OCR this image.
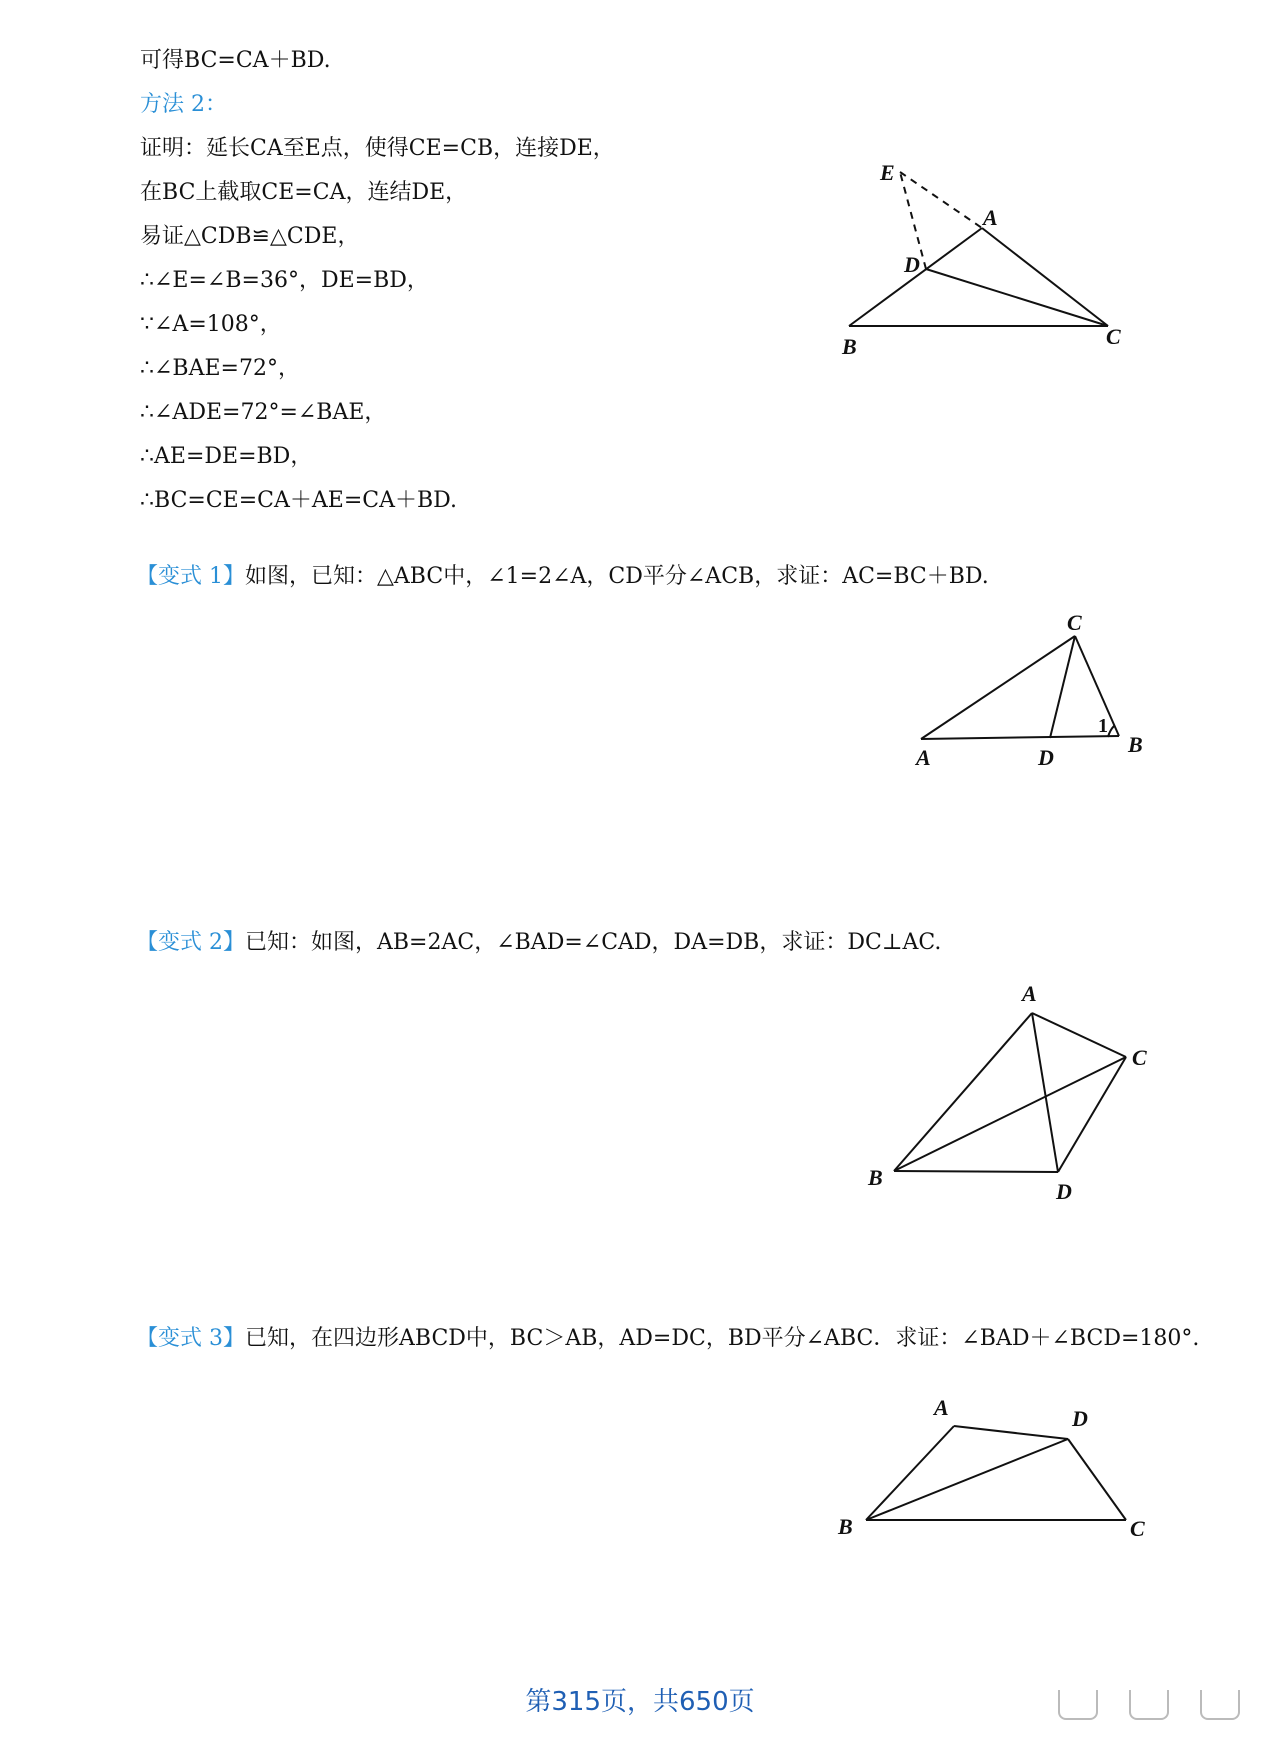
可得BC=CA＋BD.
方法 2：
证明：延长CA至E点，使得CE=CB，连接DE，
在BC上截取CE=CA，连结DE，
易证△CDB≌△CDE，
∴∠E=∠B=36°，DE=BD，
∵∠A=108°，
∴∠BAE=72°，
∴∠ADE=72°=∠BAE，
∴AE=DE=BD，
∴BC=CE=CA＋AE=CA＋BD.
E
A
D
B	C
【变式 1】如图，已知：△ABC中，∠1=2∠A，CD平分∠ACB，求证：AC=BC＋BD.
C
A	D
B
1
【变式 2】已知：如图，AB=2AC，∠BAD=∠CAD，DA=DB，求证：DC⊥AC.
A
C
B
D
【变式 3】已知，在四边形ABCD中，BC＞AB，AD=DC，BD平分∠ABC．求证：∠BAD＋∠BCD=180°.
A	D
B	C
第315页，共650页
